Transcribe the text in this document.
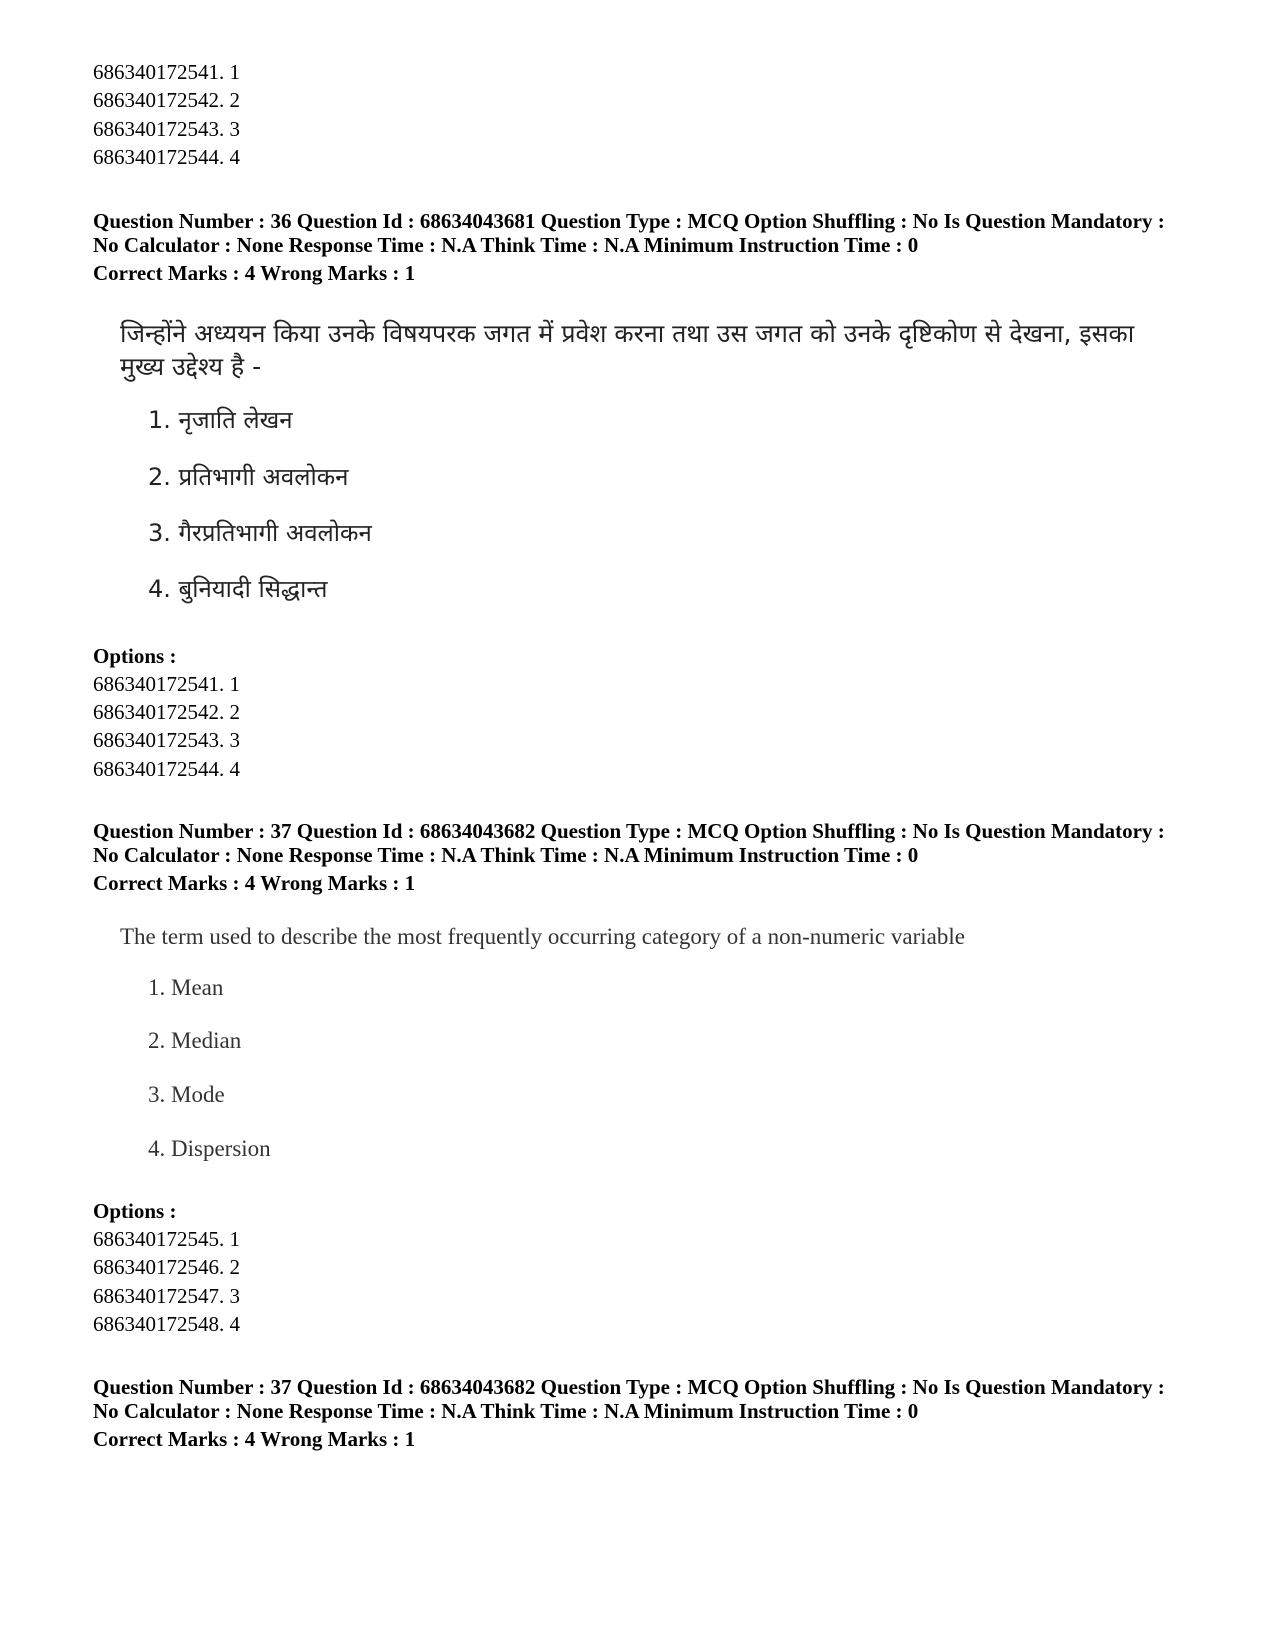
686340172541. 1
686340172542. 2
686340172543. 3
686340172544. 4
Question Number : 36 Question Id : 68634043681 Question Type : MCQ Option Shuffling : No Is Question Mandatory :
No Calculator : None Response Time : N.A Think Time : N.A Minimum Instruction Time : 0
Correct Marks : 4 Wrong Marks : 1
जिन्होंने अध्ययन किया उनके विषयपरक जगत में प्रवेश करना तथा उस जगत को उनके दृष्टिकोण से देखना, इसका मुख्य उद्देश्य है -
1. नृजाति लेखन
2. प्रतिभागी अवलोकन
3. गैरप्रतिभागी अवलोकन
4. बुनियादी सिद्धान्त
Options :
686340172541. 1
686340172542. 2
686340172543. 3
686340172544. 4
Question Number : 37 Question Id : 68634043682 Question Type : MCQ Option Shuffling : No Is Question Mandatory :
No Calculator : None Response Time : N.A Think Time : N.A Minimum Instruction Time : 0
Correct Marks : 4 Wrong Marks : 1
The term used to describe the most frequently occurring category of a non-numeric variable
1. Mean
2. Median
3. Mode
4. Dispersion
Options :
686340172545. 1
686340172546. 2
686340172547. 3
686340172548. 4
Question Number : 37 Question Id : 68634043682 Question Type : MCQ Option Shuffling : No Is Question Mandatory :
No Calculator : None Response Time : N.A Think Time : N.A Minimum Instruction Time : 0
Correct Marks : 4 Wrong Marks : 1
